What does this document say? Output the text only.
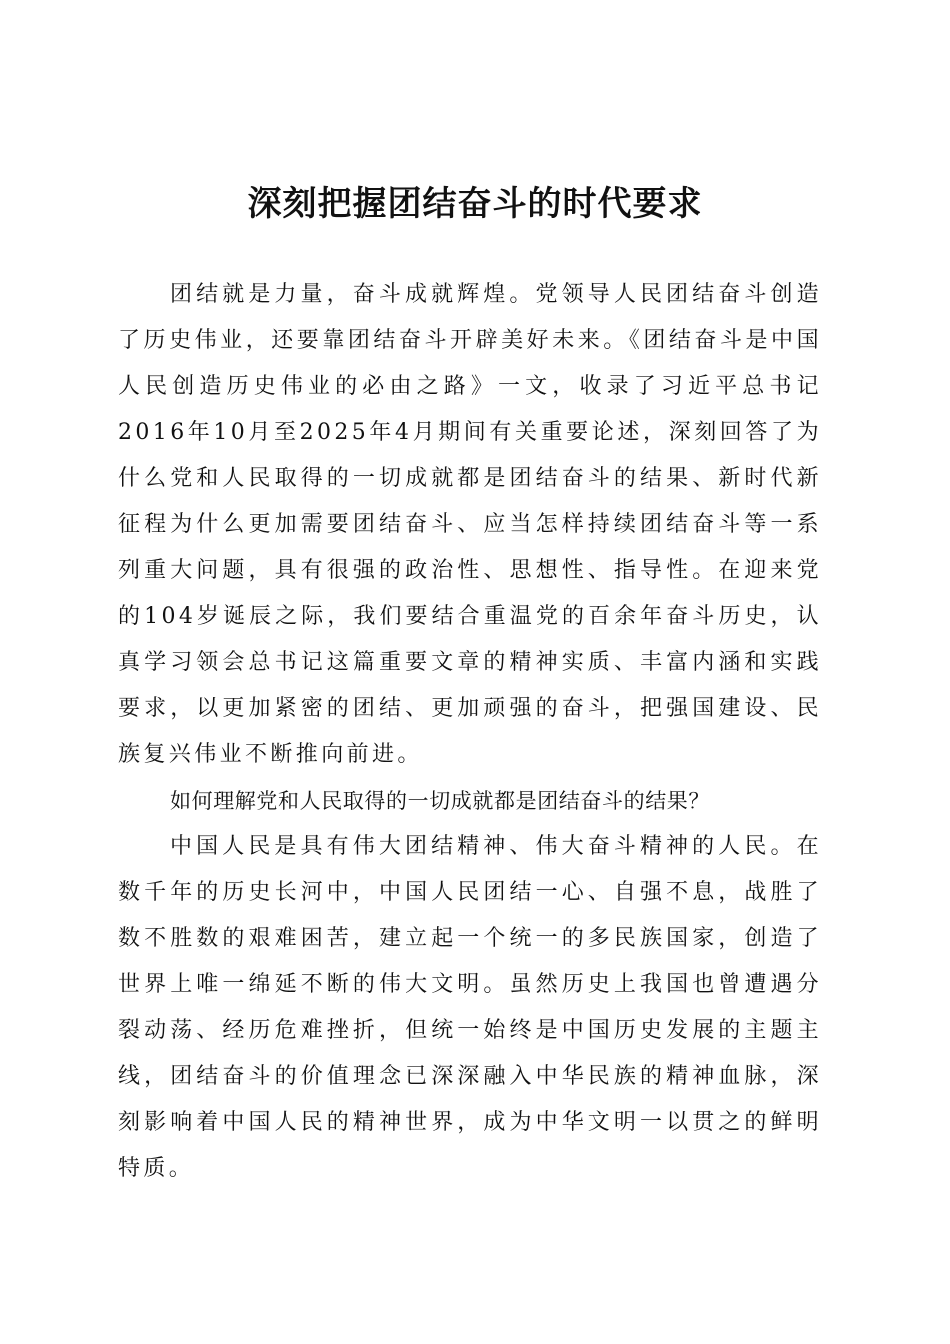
深刻把握团结奋斗的时代要求

团结就是力量，奋斗成就辉煌。党领导人民团结奋斗创造了历史伟业，还要靠团结奋斗开辟美好未来。《团结奋斗是中国人民创造历史伟业的必由之路》一文，收录了习近平总书记2016年10月至2025年4月期间有关重要论述，深刻回答了为什么党和人民取得的一切成就都是团结奋斗的结果、新时代新征程为什么更加需要团结奋斗、应当怎样持续团结奋斗等一系列重大问题，具有很强的政治性、思想性、指导性。在迎来党的104岁诞辰之际，我们要结合重温党的百余年奋斗历史，认真学习领会总书记这篇重要文章的精神实质、丰富内涵和实践要求，以更加紧密的团结、更加顽强的奋斗，把强国建设、民族复兴伟业不断推向前进。

如何理解党和人民取得的一切成就都是团结奋斗的结果？

中国人民是具有伟大团结精神、伟大奋斗精神的人民。在数千年的历史长河中，中国人民团结一心、自强不息，战胜了数不胜数的艰难困苦，建立起一个统一的多民族国家，创造了世界上唯一绵延不断的伟大文明。虽然历史上我国也曾遭遇分裂动荡、经历危难挫折，但统一始终是中国历史发展的主题主线，团结奋斗的价值理念已深深融入中华民族的精神血脉，深刻影响着中国人民的精神世界，成为中华文明一以贯之的鲜明特质。
